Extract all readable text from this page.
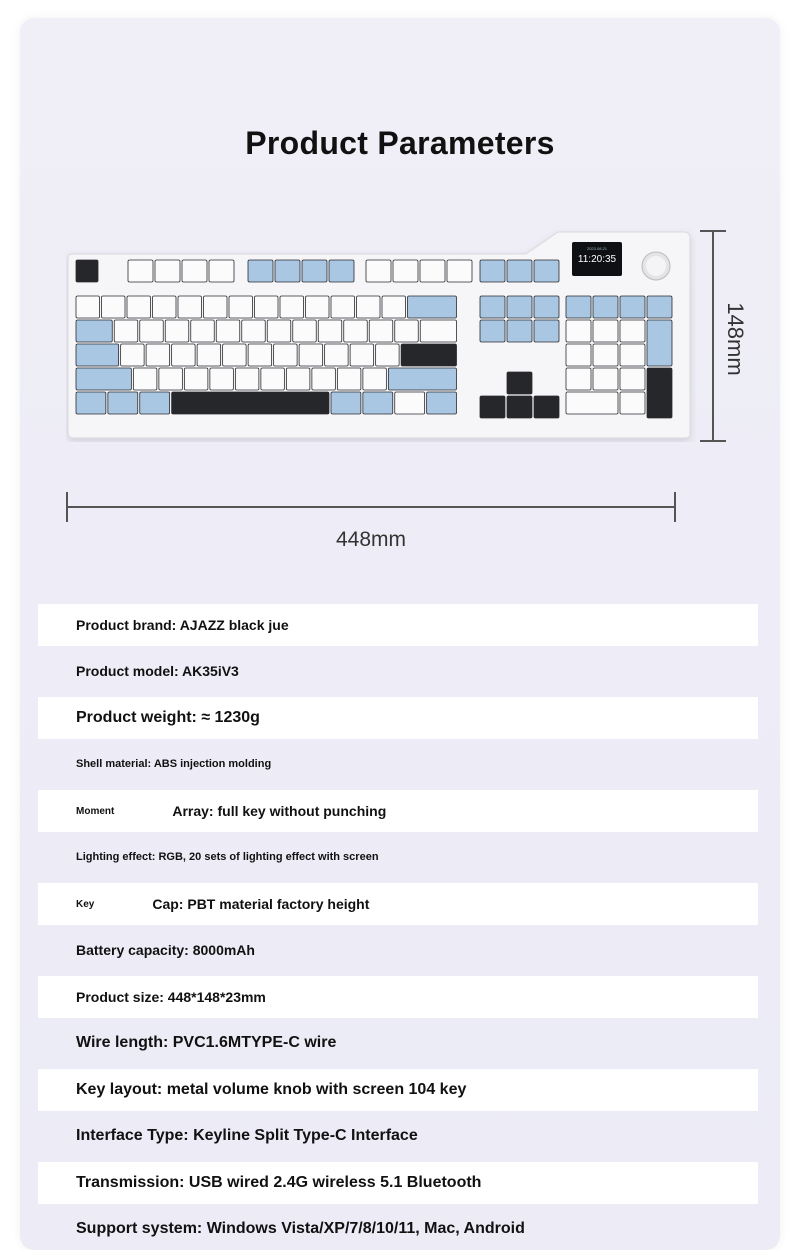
Product Parameters
2023.08.21
11:20:35
148mm
448mm
Product brand: AJAZZ black jue
Product model: AK35iV3
Product weight: ≈ 1230g
Shell material: ABS injection molding
Moment	Array: full key without punching
Lighting effect: RGB, 20 sets of lighting effect with screen
Key	Cap: PBT material factory height
Battery capacity: 8000mAh
Product size: 448*148*23mm
Wire length: PVC1.6MTYPE-C wire
Key layout: metal volume knob with screen 104 key
Interface Type: Keyline Split Type-C Interface
Transmission: USB wired 2.4G wireless 5.1 Bluetooth
Support system: Windows Vista/XP/7/8/10/11, Mac, Android
